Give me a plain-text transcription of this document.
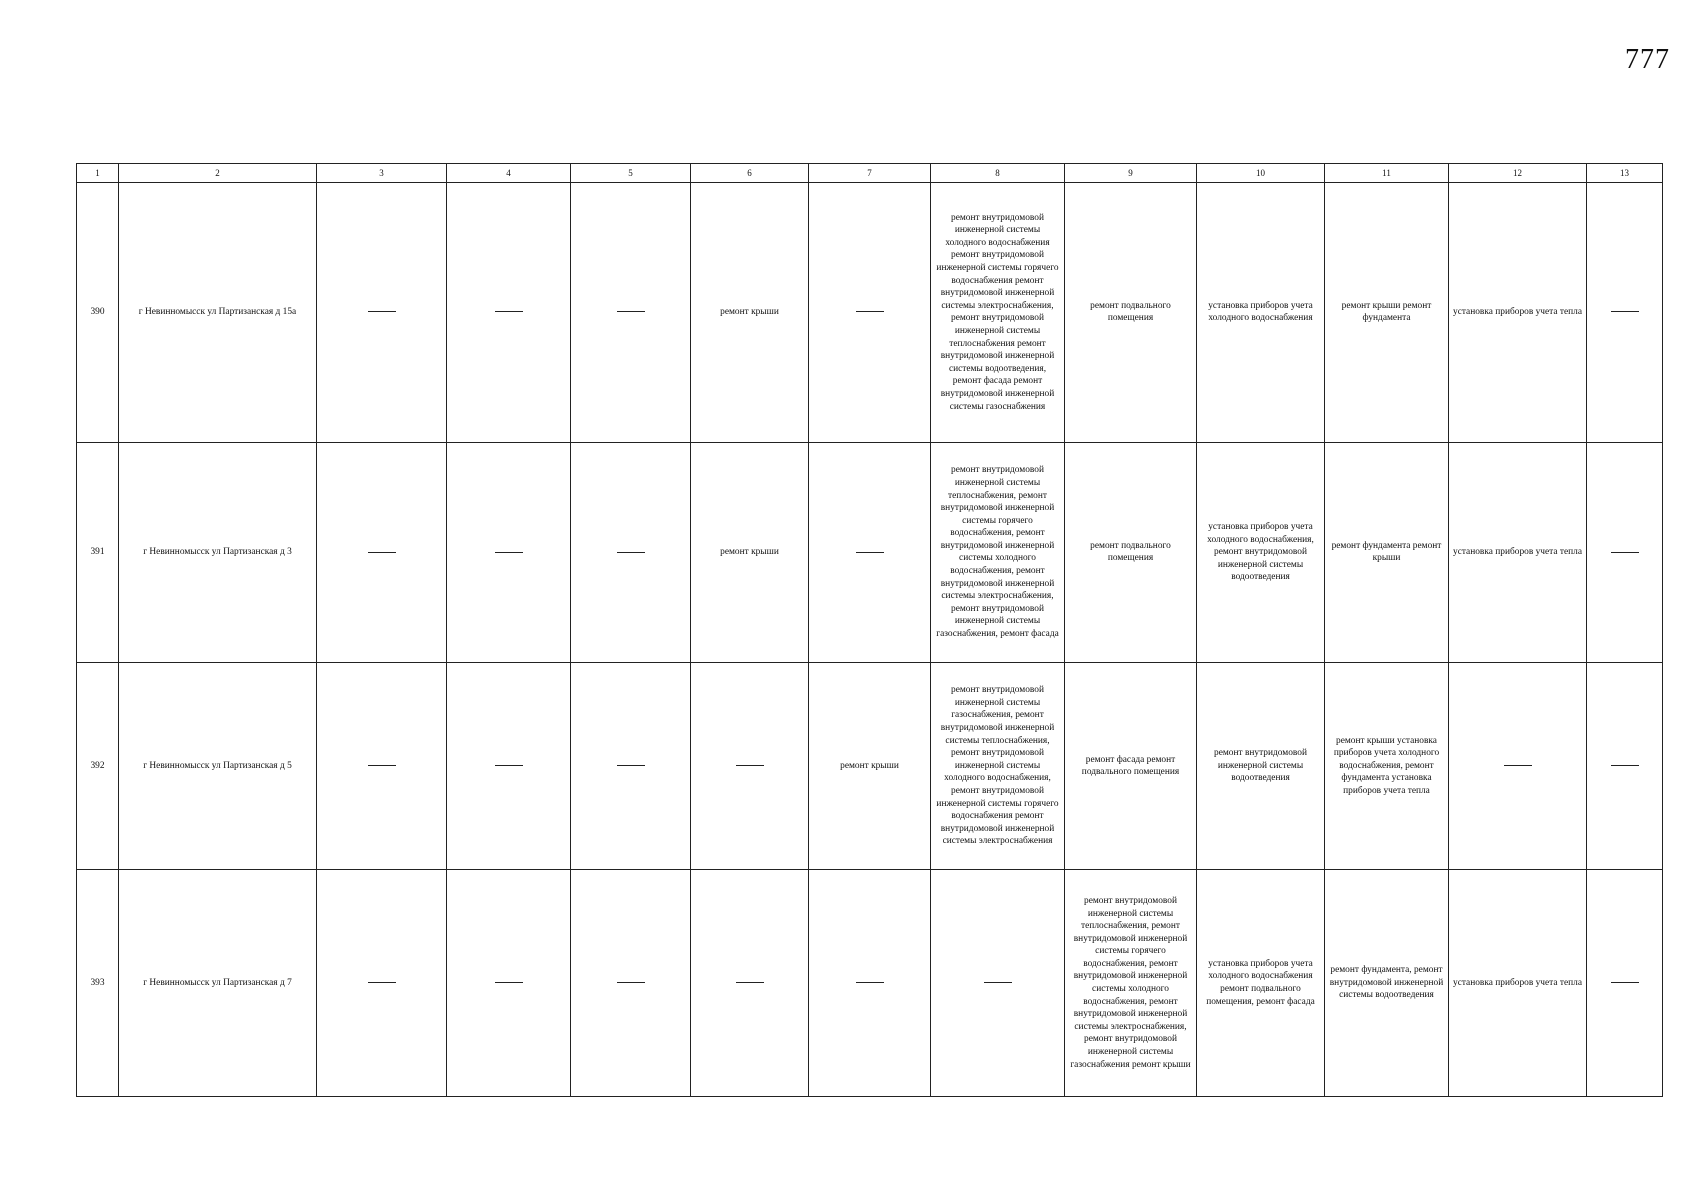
777
1	2	3	4	5	6	7	8	9	10	11	12	13
390	г Невинномысск ул Партизанская д 15а				ремонт крыши		ремонт внутридомовой инженерной системы холодного водоснабжения ремонт внутридомовой инженерной системы горячего водоснабжения ремонт внутридомовой инженерной системы электроснабжения, ремонт внутридомовой инженерной системы теплоснабжения ремонт внутридомовой инженерной системы водоотведения, ремонт фасада ремонт внутридомовой инженерной системы газоснабжения	ремонт подвального помещения	установка приборов учета холодного водоснабжения	ремонт крыши ремонт фундамента	установка приборов учета тепла	
391	г Невинномысск ул Партизанская д 3				ремонт крыши		ремонт внутридомовой инженерной системы теплоснабжения, ремонт внутридомовой инженерной системы горячего водоснабжения, ремонт внутридомовой инженерной системы холодного водоснабжения, ремонт внутридомовой инженерной системы электроснабжения, ремонт внутридомовой инженерной системы газоснабжения, ремонт фасада	ремонт подвального помещения	установка приборов учета холодного водоснабжения, ремонт внутридомовой инженерной системы водоотведения	ремонт фундамента ремонт крыши	установка приборов учета тепла	
392	г Невинномысск ул Партизанская д 5					ремонт крыши	ремонт внутридомовой инженерной системы газоснабжения, ремонт внутридомовой инженерной системы теплоснабжения, ремонт внутридомовой инженерной системы холодного водоснабжения, ремонт внутридомовой инженерной системы горячего водоснабжения ремонт внутридомовой инженерной системы электроснабжения	ремонт фасада ремонт подвального помещения	ремонт внутридомовой инженерной системы водоотведения	ремонт крыши установка приборов учета холодного водоснабжения, ремонт фундамента установка приборов учета тепла		
393	г Невинномысск ул Партизанская д 7							ремонт внутридомовой инженерной системы теплоснабжения, ремонт внутридомовой инженерной системы горячего водоснабжения, ремонт внутридомовой инженерной системы холодного водоснабжения, ремонт внутридомовой инженерной системы электроснабжения, ремонт внутридомовой инженерной системы газоснабжения ремонт крыши	установка приборов учета холодного водоснабжения ремонт подвального помещения, ремонт фасада	ремонт фундамента, ремонт внутридомовой инженерной системы водоотведения	установка приборов учета тепла	
